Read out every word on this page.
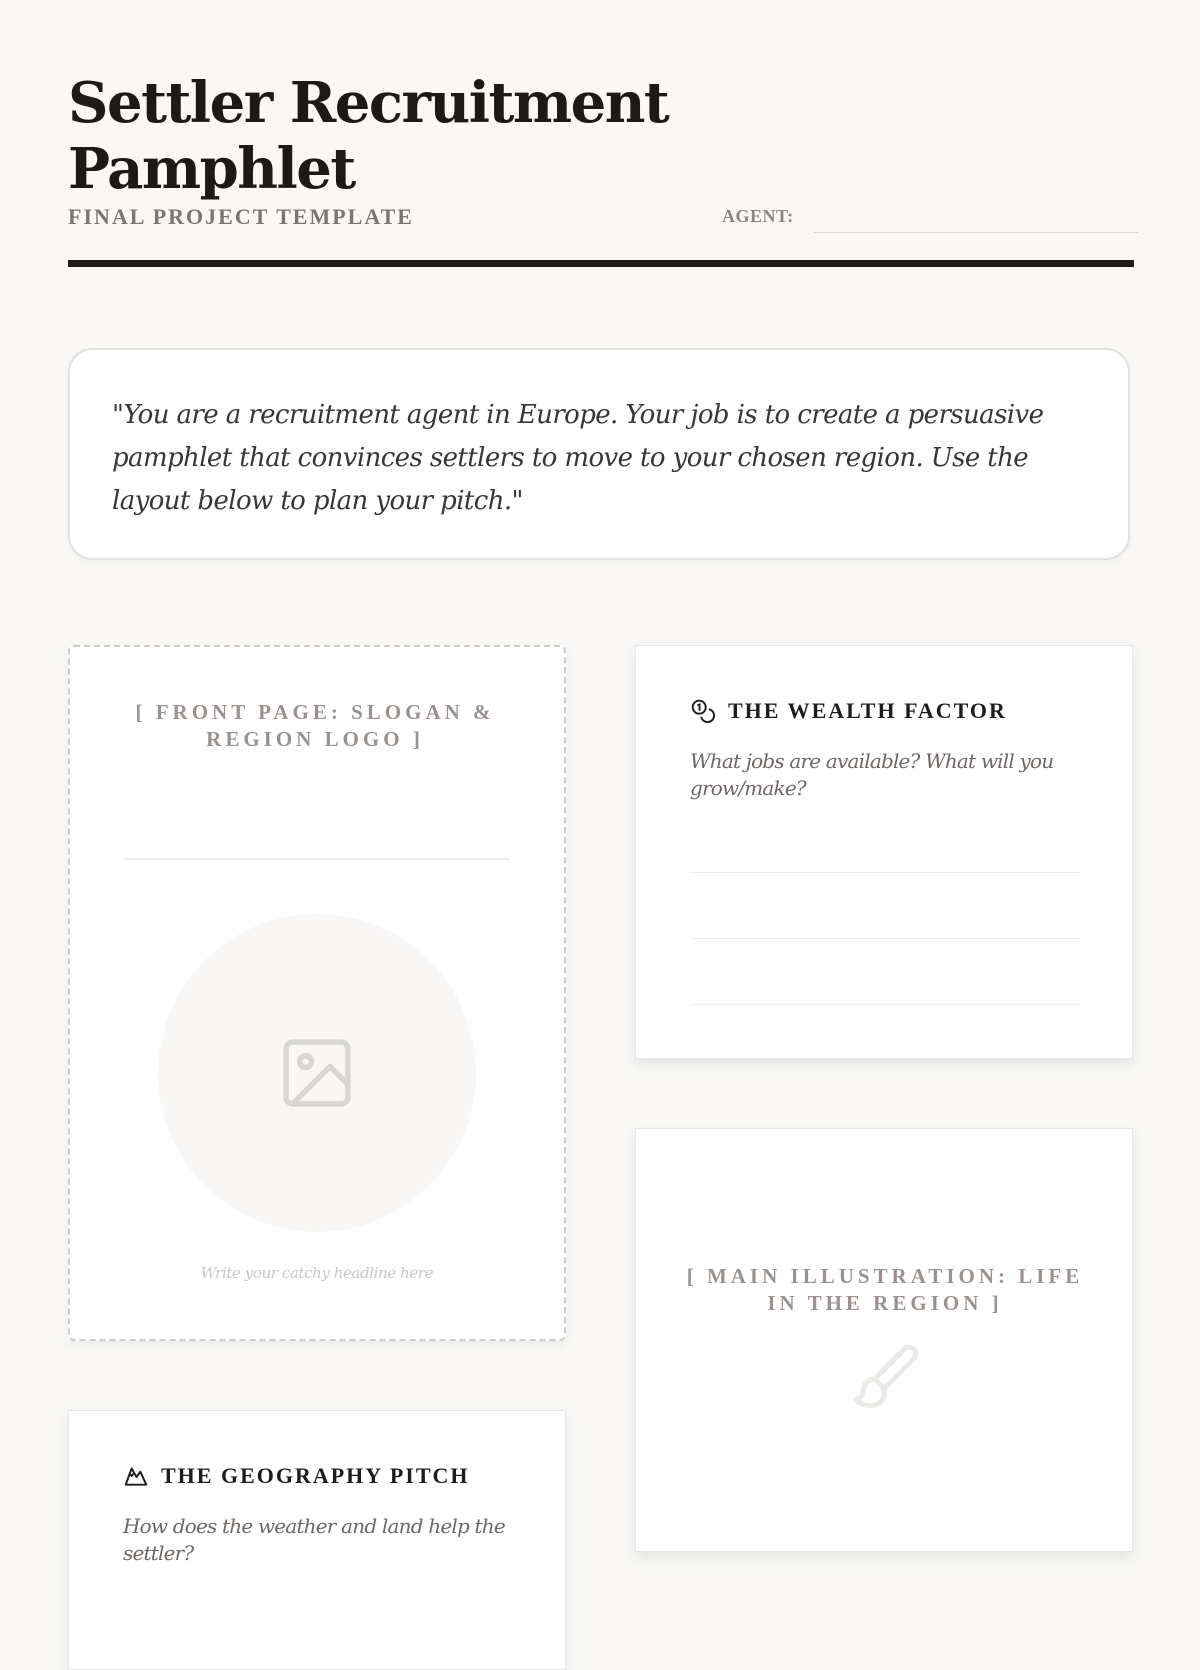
Settler Recruitment Pamphlet
FINAL PROJECT TEMPLATE	AGENT:

"You are a recruitment agent in Europe. Your job is to create a persuasive pamphlet that convinces settlers to move to your chosen region. Use the layout below to plan your pitch."

[ FRONT PAGE: SLOGAN & REGION LOGO ]
Write your catchy headline here
THE WEALTH FACTOR

What jobs are available? What will you grow/make?

[ MAIN ILLUSTRATION: LIFE IN THE REGION ]
THE GEOGRAPHY PITCH

How does the weather and land help the settler?
